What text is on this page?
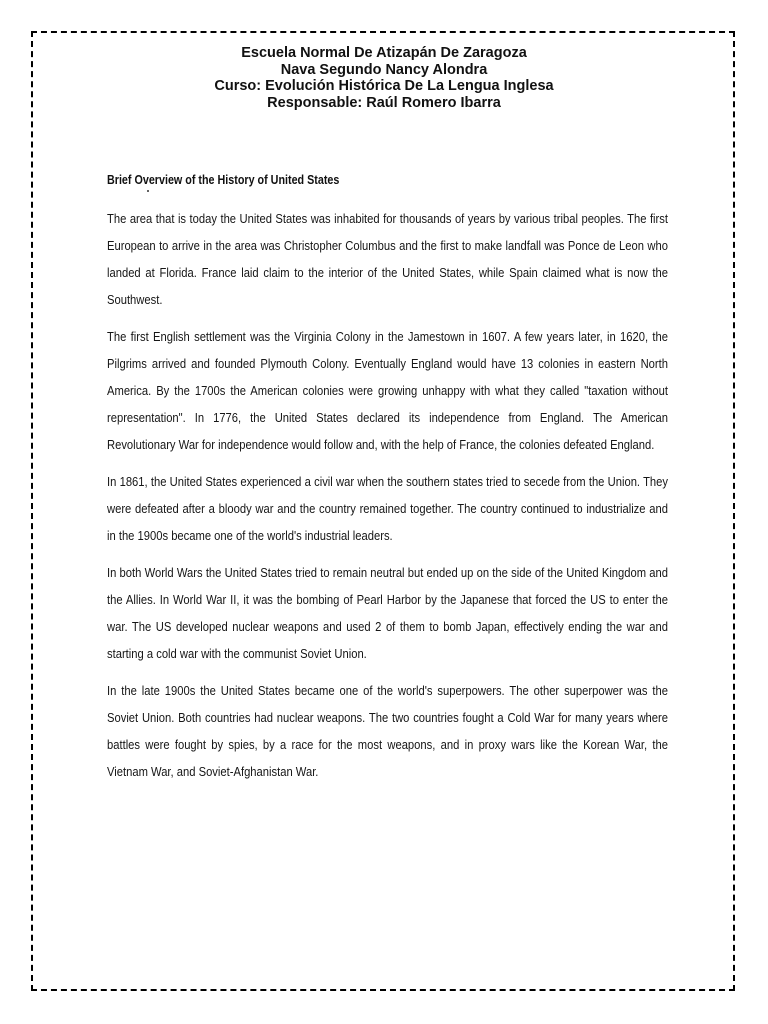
Escuela Normal De Atizapán De Zaragoza
Nava Segundo Nancy Alondra
Curso: Evolución Histórica De La Lengua Inglesa
Responsable: Raúl Romero Ibarra
Brief Overview of the History of United States

The area that is today the United States was inhabited for thousands of years by various tribal peoples. The first European to arrive in the area was Christopher Columbus and the first to make landfall was Ponce de Leon who landed at Florida. France laid claim to the interior of the United States, while Spain claimed what is now the Southwest.

The first English settlement was the Virginia Colony in the Jamestown in 1607. A few years later, in 1620, the Pilgrims arrived and founded Plymouth Colony. Eventually England would have 13 colonies in eastern North America. By the 1700s the American colonies were growing unhappy with what they called "taxation without representation". In 1776, the United States declared its independence from England. The American Revolutionary War for independence would follow and, with the help of France, the colonies defeated England.

In 1861, the United States experienced a civil war when the southern states tried to secede from the Union. They were defeated after a bloody war and the country remained together. The country continued to industrialize and in the 1900s became one of the world's industrial leaders.

In both World Wars the United States tried to remain neutral but ended up on the side of the United Kingdom and the Allies. In World War II, it was the bombing of Pearl Harbor by the Japanese that forced the US to enter the war. The US developed nuclear weapons and used 2 of them to bomb Japan, effectively ending the war and starting a cold war with the communist Soviet Union.

In the late 1900s the United States became one of the world's superpowers. The other superpower was the Soviet Union. Both countries had nuclear weapons. The two countries fought a Cold War for many years where battles were fought by spies, by a race for the most weapons, and in proxy wars like the Korean War, the Vietnam War, and Soviet-Afghanistan War.
